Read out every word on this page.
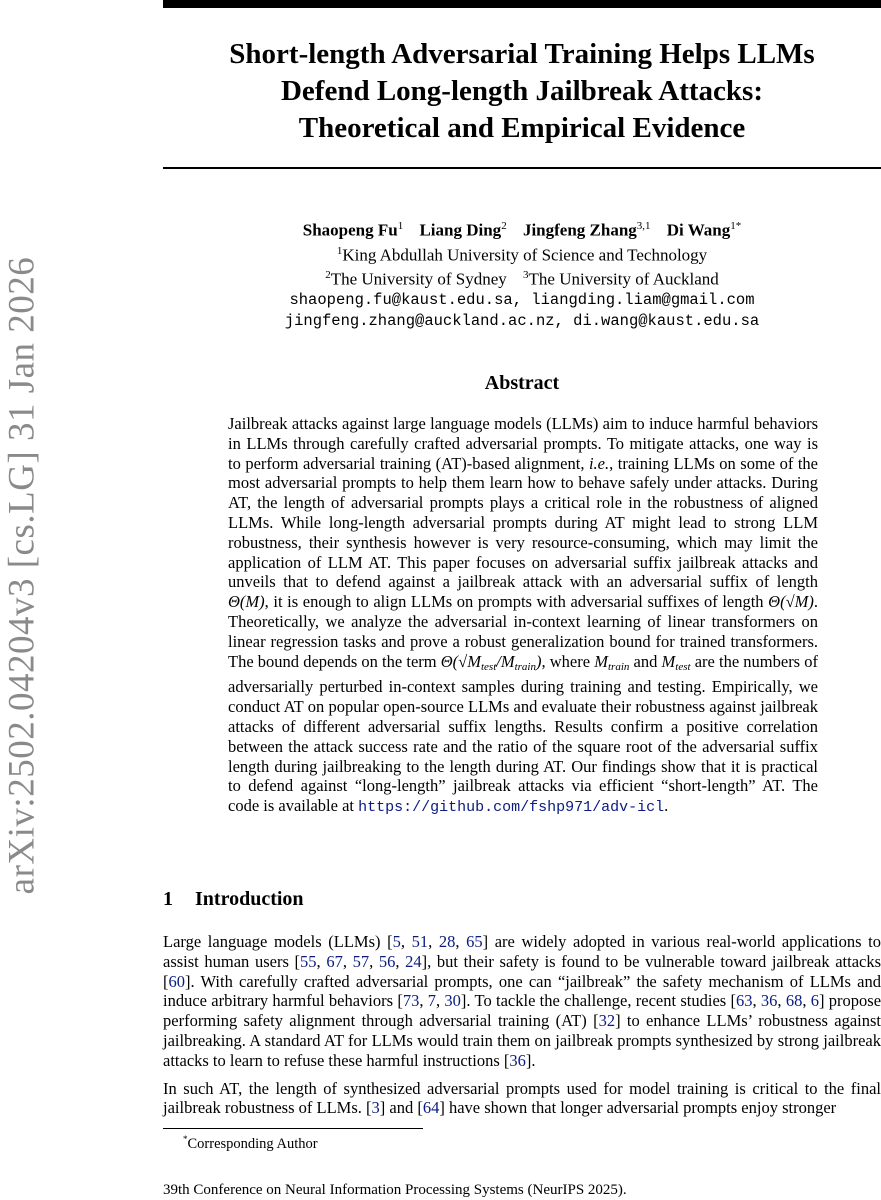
arXiv:2502.04204v3 [cs.LG] 31 Jan 2026
Short-length Adversarial Training Helps LLMs
Defend Long-length Jailbreak Attacks:
Theoretical and Empirical Evidence
Shaopeng Fu$^1$ Liang Ding$^2$ Jingfeng Zhang$^{3,1}$ Di Wang$^{1*}$
$^1$King Abdullah University of Science and Technology
$^2$The University of Sydney $^3$The University of Auckland
shaopeng.fu@kaust.edu.sa, liangding.liam@gmail.com
jingfeng.zhang@auckland.ac.nz, di.wang@kaust.edu.sa
Abstract
Jailbreak attacks against large language models (LLMs) aim to induce harmful behaviors in LLMs through carefully crafted adversarial prompts. To mitigate attacks, one way is to perform adversarial training (AT)-based alignment, i.e., training LLMs on some of the most adversarial prompts to help them learn how to behave safely under attacks. During AT, the length of adversarial prompts plays a critical role in the robustness of aligned LLMs. While long-length adversarial prompts during AT might lead to strong LLM robustness, their synthesis however is very resource-consuming, which may limit the application of LLM AT. This paper focuses on adversarial suffix jailbreak attacks and unveils that to defend against a jailbreak attack with an adversarial suffix of length Θ(M), it is enough to align LLMs on prompts with adversarial suffixes of length Θ(√M). Theoretically, we analyze the adversarial in-context learning of linear transformers on linear regression tasks and prove a robust generalization bound for trained transformers. The bound depends on the term $\Theta(√M_{test}/M_{train})$, where $M_{train}$ and $M_{test}$ are the numbers of adversarially perturbed in-context samples during training and testing. Empirically, we conduct AT on popular open-source LLMs and evaluate their robustness against jailbreak attacks of different adversarial suffix lengths. Results confirm a positive correlation between the attack success rate and the ratio of the square root of the adversarial suffix length during jailbreaking to the length during AT. Our findings show that it is practical to defend against “long-length” jailbreak attacks via efficient “short-length” AT. The code is available at https://github.com/fshp971/adv-icl.
1 Introduction

Large language models (LLMs) [5, 51, 28, 65] are widely adopted in various real-world applications to assist human users [55, 67, 57, 56, 24], but their safety is found to be vulnerable toward jailbreak attacks [60]. With carefully crafted adversarial prompts, one can “jailbreak” the safety mechanism of LLMs and induce arbitrary harmful behaviors [73, 7, 30]. To tackle the challenge, recent studies [63, 36, 68, 6] propose performing safety alignment through adversarial training (AT) [32] to enhance LLMs’ robustness against jailbreaking. A standard AT for LLMs would train them on jailbreak prompts synthesized by strong jailbreak attacks to learn to refuse these harmful instructions [36].

In such AT, the length of synthesized adversarial prompts used for model training is critical to the final jailbreak robustness of LLMs. [3] and [64] have shown that longer adversarial prompts enjoy stronger

*Corresponding Author
39th Conference on Neural Information Processing Systems (NeurIPS 2025).
